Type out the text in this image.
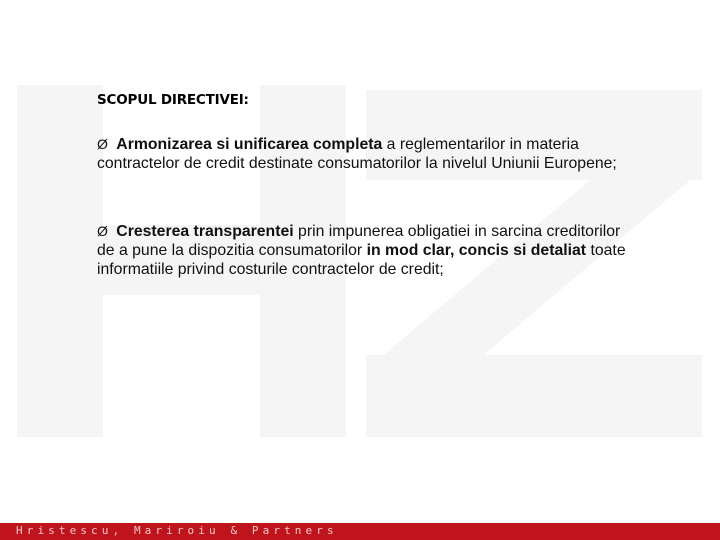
SCOPUL DIRECTIVEI:
Ø Armonizarea si unificarea completa a reglementarilor in materia contractelor de credit destinate consumatorilor la nivelul Uniunii Europene;
Ø Cresterea transparentei prin impunerea obligatiei in sarcina creditorilor de a pune la dispozitia consumatorilor in mod clar, concis si detaliat toate informatiile privind costurile contractelor de credit;
Hristescu, Mariroiu & Partners
